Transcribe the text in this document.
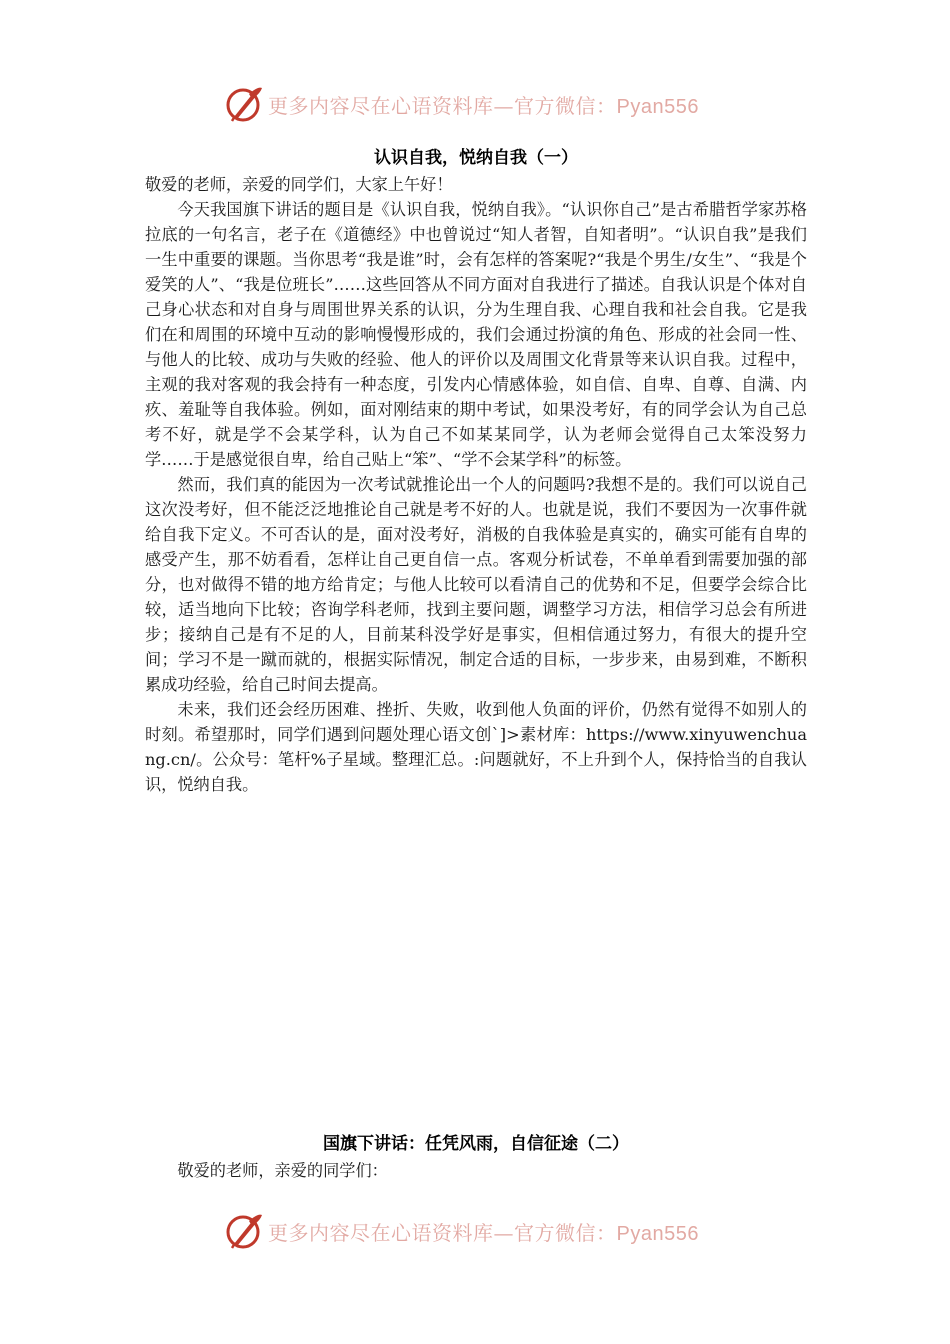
更多内容尽在心语资料库—官方微信：Pyan556
认识自我，悦纳自我（一）

敬爱的老师，亲爱的同学们，大家上午好！

今天我国旗下讲话的题目是《认识自我，悦纳自我》。“认识你自己”是古希腊哲学家苏格拉底的一句名言，老子在《道德经》中也曾说过“知人者智，自知者明”。“认识自我”是我们一生中重要的课题。当你思考“我是谁”时，会有怎样的答案呢?“我是个男生/女生”、“我是个爱笑的人”、“我是位班长”……这些回答从不同方面对自我进行了描述。自我认识是个体对自己身心状态和对自身与周围世界关系的认识，分为生理自我、心理自我和社会自我。它是我们在和周围的环境中互动的影响慢慢形成的，我们会通过扮演的角色、形成的社会同一性、与他人的比较、成功与失败的经验、他人的评价以及周围文化背景等来认识自我。过程中，主观的我对客观的我会持有一种态度，引发内心情感体验，如自信、自卑、自尊、自满、内疚、羞耻等自我体验。例如，面对刚结束的期中考试，如果没考好，有的同学会认为自己总考不好，就是学不会某学科，认为自己不如某某同学，认为老师会觉得自己太笨没努力学……于是感觉很自卑，给自己贴上“笨”、“学不会某学科”的标签。

然而，我们真的能因为一次考试就推论出一个人的问题吗?我想不是的。我们可以说自己这次没考好，但不能泛泛地推论自己就是考不好的人。也就是说，我们不要因为一次事件就给自我下定义。不可否认的是，面对没考好，消极的自我体验是真实的，确实可能有自卑的感受产生，那不妨看看，怎样让自己更自信一点。客观分析试卷，不单单看到需要加强的部分，也对做得不错的地方给肯定；与他人比较可以看清自己的优势和不足，但要学会综合比较，适当地向下比较；咨询学科老师，找到主要问题，调整学习方法，相信学习总会有所进步；接纳自己是有不足的人，目前某科没学好是事实，但相信通过努力，有很大的提升空间；学习不是一蹴而就的，根据实际情况，制定合适的目标，一步步来，由易到难，不断积累成功经验，给自己时间去提高。

未来，我们还会经历困难、挫折、失败，收到他人负面的评价，仍然有觉得不如别人的时刻。希望那时，同学们遇到问题处理心语文创`]>素材库：https://www.xinyuwenchuang.cn/。公众号：笔杆%子星域。整理汇总。:问题就好，不上升到个人，保持恰当的自我认识，悦纳自我。

国旗下讲话：任凭风雨，自信征途（二）

敬爱的老师，亲爱的同学们：

更多内容尽在心语资料库—官方微信：Pyan556
